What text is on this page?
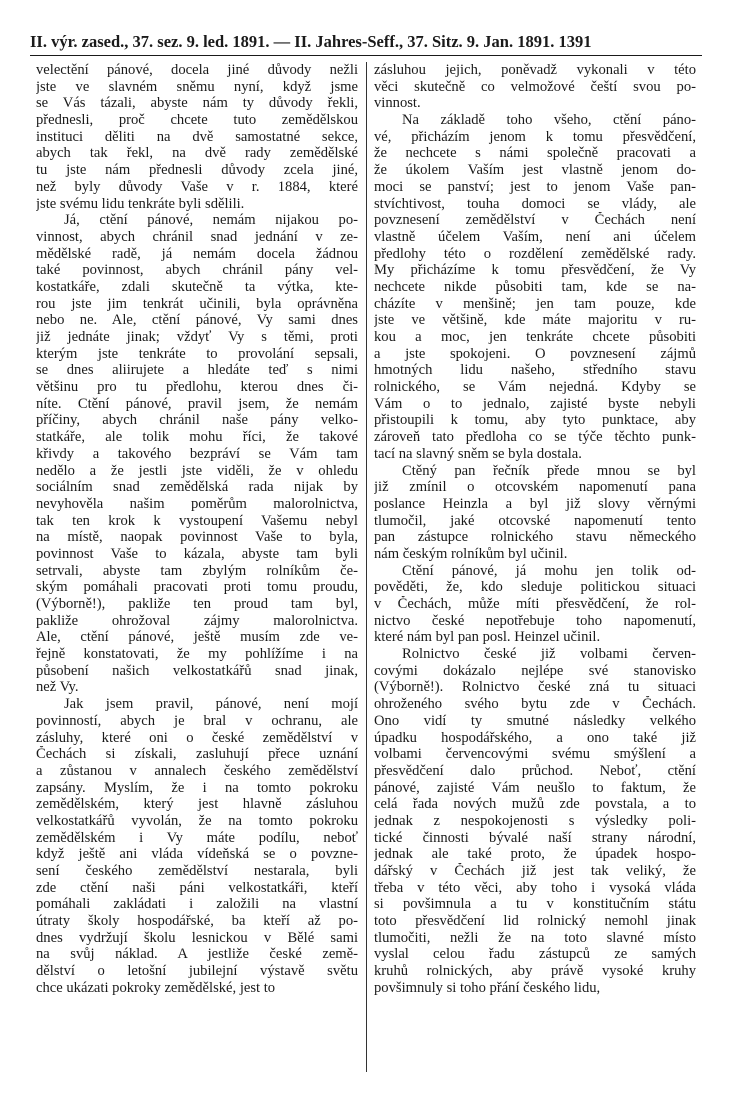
II. výr. zased., 37. sez. 9. led. 1891. — II. Jahres-Seff., 37. Sitz. 9. Jan. 1891. 1391
velectění pánové, docela jiné důvody nežli
jste ve slavném sněmu nyní, když jsme
se Vás tázali, abyste nám ty důvody řekli,
přednesli, proč chcete tuto zemědělskou
instituci děliti na dvě samostatné sekce,
abych tak řekl, na dvě rady zemědělské
tu jste nám přednesli důvody zcela jiné,
než byly důvody Vaše v r. 1884, které
jste svému lidu tenkráte byli sdělili.
Já, ctění pánové, nemám nijakou po-
vinnost, abych chránil snad jednání v ze-
mědělské radě, já nemám docela žádnou
také povinnost, abych chránil pány vel-
kostatkáře, zdali skutečně ta výtka, kte-
rou jste jim tenkrát učinili, byla oprávněna
nebo ne. Ale, ctění pánové, Vy sami dnes
již jednáte jinak; vždyť Vy s těmi, proti
kterým jste tenkráte to provolání sepsali,
se dnes aliirujete a hledáte teď s nimi
většinu pro tu předlohu, kterou dnes či-
níte. Ctění pánové, pravil jsem, že nemám
příčiny, abych chránil naše pány velko-
statkáře, ale tolik mohu říci, že takové
křivdy a takového bezpráví se Vám tam
nedělo a že jestli jste viděli, že v ohledu
sociálním snad zemědělská rada nijak by
nevyhověla našim poměrům malorolnictva,
tak ten krok k vystoupení Vašemu nebyl
na místě, naopak povinnost Vaše to byla,
povinnost Vaše to kázala, abyste tam byli
setrvali, abyste tam zbylým rolníkům če-
ským pomáhali pracovati proti tomu proudu,
(Výborně!), pakliže ten proud tam byl,
pakliže ohrožoval zájmy malorolnictva.
Ale, ctění pánové, ještě musím zde ve-
řejně konstatovati, že my pohlížíme i na
působení našich velkostatkářů snad jinak,
než Vy.
Jak jsem pravil, pánové, není mojí
povinností, abych je bral v ochranu, ale
zásluhy, které oni o české zemědělství v
Čechách si získali, zasluhují přece uznání
a zůstanou v annalech českého zemědělství
zapsány. Myslím, že i na tomto pokroku
zemědělském, který jest hlavně zásluhou
velkostatkářů vyvolán, že na tomto pokroku
zemědělském i Vy máte podílu, neboť
když ještě ani vláda vídeňská se o povzne-
sení českého zemědělství nestarala, byli
zde ctění naši páni velkostatkáři, kteří
pomáhali zakládati i založili na vlastní
útraty školy hospodářské, ba kteří až po-
dnes vydržují školu lesnickou v Bělé sami
na svůj náklad. A jestliže české země-
dělství o letošní jubilejní výstavě světu
chce ukázati pokroky zemědělské, jest to
zásluhou jejich, poněvadž vykonali v této
věci skutečně co velmožové čeští svou po-
vinnost.
Na základě toho všeho, ctění páno-
vé, přicházím jenom k tomu přesvědčení,
že nechcete s námi společně pracovati a
že úkolem Vaším jest vlastně jenom do-
moci se panství; jest to jenom Vaše pan-
stvíchtivost, touha domoci se vlády, ale
povznesení zemědělství v Čechách není
vlastně účelem Vaším, není ani účelem
předlohy této o rozdělení zemědělské rady.
My přicházíme k tomu přesvědčení, že Vy
nechcete nikde působiti tam, kde se na-
cházíte v menšině; jen tam pouze, kde
jste ve většině, kde máte majoritu v ru-
kou a moc, jen tenkráte chcete působiti
a jste spokojeni. O povznesení zájmů
hmotných lidu našeho, středního stavu
rolnického, se Vám nejedná. Kdyby se
Vám o to jednalo, zajisté byste nebyli
přistoupili k tomu, aby tyto punktace, aby
zároveň tato předloha co se týče těchto punk-
tací na slavný sněm se byla dostala.
Ctěný pan řečník přede mnou se byl
již zmínil o otcovském napomenutí pana
poslance Heinzla a byl již slovy věrnými
tlumočil, jaké otcovské napomenutí tento
pan zástupce rolnického stavu německého
nám českým rolníkům byl učinil.
Ctění pánové, já mohu jen tolik od-
pověděti, že, kdo sleduje politickou situaci
v Čechách, může míti přesvědčení, že rol-
nictvo české nepotřebuje toho napomenutí,
které nám byl pan posl. Heinzel učinil.
Rolnictvo české již volbami červen-
covými dokázalo nejlépe své stanovisko
(Výborně!). Rolnictvo české zná tu situaci
ohroženého svého bytu zde v Čechách.
Ono vidí ty smutné následky velkého
úpadku hospodářského, a ono také již
volbami červencovými svému smýšlení a
přesvědčení dalo průchod. Neboť, ctění
pánové, zajisté Vám neušlo to faktum, že
celá řada nových mužů zde povstala, a to
jednak z nespokojenosti s výsledky poli-
tické činnosti bývalé naší strany národní,
jednak ale také proto, že úpadek hospo-
dářský v Čechách již jest tak veliký, že
třeba v této věci, aby toho i vysoká vláda
si povšimnula a tu v konstitučním státu
toto přesvědčení lid rolnický nemohl jinak
tlumočiti, nežli že na toto slavné místo
vyslal celou řadu zástupců ze samých
kruhů rolnických, aby právě vysoké kruhy
povšimnuly si toho přání českého lidu,
